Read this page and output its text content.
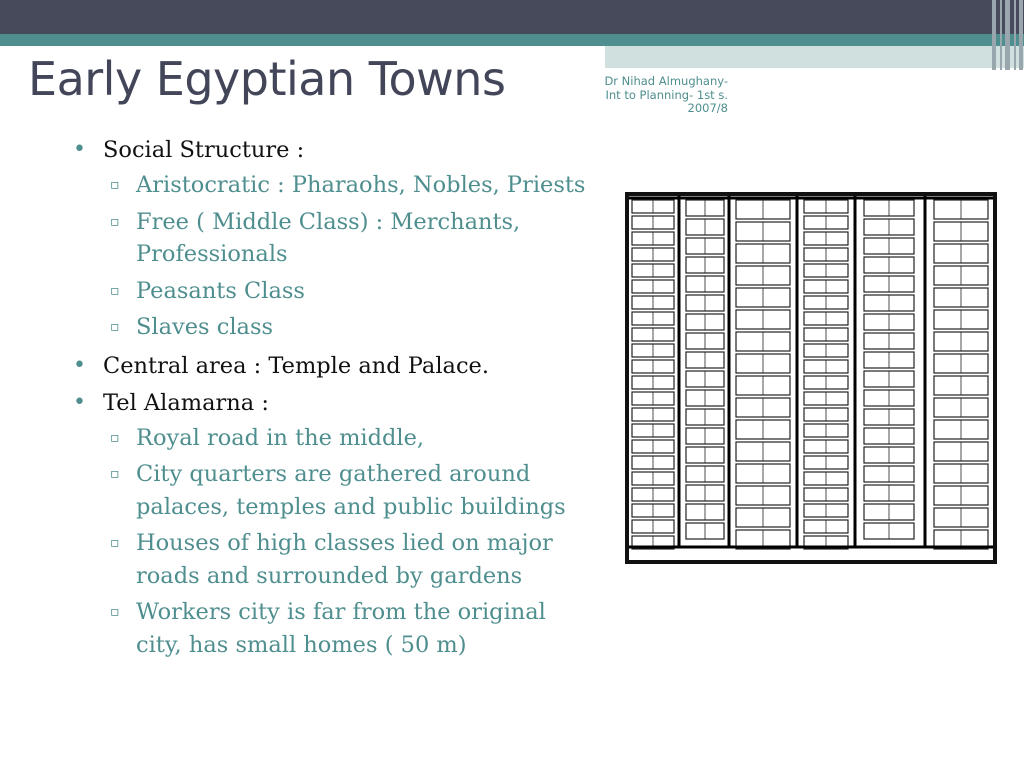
Early Egyptian Towns	Dr Nihad Almughany-
Int to Planning- 1st s.
2007/8
• Social Structure :
▫ Aristocratic : Pharaohs, Nobles, Priests
▫ Free ( Middle Class) : Merchants,
Professionals
▫ Peasants Class
▫ Slaves class
• Central area : Temple and Palace.
• Tel Alamarna :
▫ Royal road in the middle,
▫ City quarters are gathered around
palaces, temples and public buildings
▫ Houses of high classes lied on major
roads and surrounded by gardens
▫ Workers city is far from the original
city, has small homes ( 50 m)
